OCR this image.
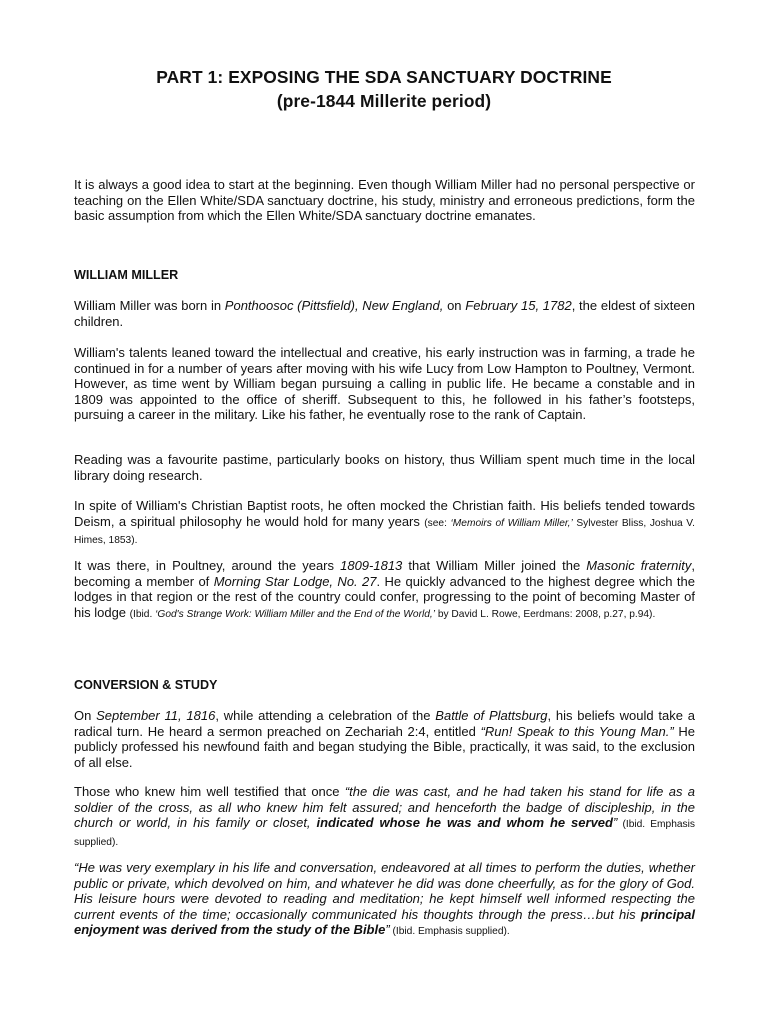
PART 1: EXPOSING THE SDA SANCTUARY DOCTRINE
(pre-1844 Millerite period)

It is always a good idea to start at the beginning. Even though William Miller had no personal perspective or teaching on the Ellen White/SDA sanctuary doctrine, his study, ministry and erroneous predictions, form the basic assumption from which the Ellen White/SDA sanctuary doctrine emanates.

WILLIAM MILLER

William Miller was born in Ponthoosoc (Pittsfield), New England, on February 15, 1782, the eldest of sixteen children.

William's talents leaned toward the intellectual and creative, his early instruction was in farming, a trade he continued in for a number of years after moving with his wife Lucy from Low Hampton to Poultney, Vermont. However, as time went by William began pursuing a calling in public life. He became a constable and in 1809 was appointed to the office of sheriff. Subsequent to this, he followed in his father’s footsteps, pursuing a career in the military. Like his father, he eventually rose to the rank of Captain.

Reading was a favourite pastime, particularly books on history, thus William spent much time in the local library doing research.

In spite of William's Christian Baptist roots, he often mocked the Christian faith. His beliefs tended towards Deism, a spiritual philosophy he would hold for many years (see: ‘Memoirs of William Miller,’ Sylvester Bliss, Joshua V. Himes, 1853).

It was there, in Poultney, around the years 1809-1813 that William Miller joined the Masonic fraternity, becoming a member of Morning Star Lodge, No. 27. He quickly advanced to the highest degree which the lodges in that region or the rest of the country could confer, progressing to the point of becoming Master of his lodge (Ibid. ‘God's Strange Work: William Miller and the End of the World,’ by David L. Rowe, Eerdmans: 2008, p.27, p.94).

CONVERSION & STUDY

On September 11, 1816, while attending a celebration of the Battle of Plattsburg, his beliefs would take a radical turn. He heard a sermon preached on Zechariah 2:4, entitled “Run! Speak to this Young Man.” He publicly professed his newfound faith and began studying the Bible, practically, it was said, to the exclusion of all else.

Those who knew him well testified that once “the die was cast, and he had taken his stand for life as a soldier of the cross, as all who knew him felt assured; and henceforth the badge of discipleship, in the church or world, in his family or closet, indicated whose he was and whom he served” (Ibid. Emphasis supplied).

“He was very exemplary in his life and conversation, endeavored at all times to perform the duties, whether public or private, which devolved on him, and whatever he did was done cheerfully, as for the glory of God. His leisure hours were devoted to reading and meditation; he kept himself well informed respecting the current events of the time; occasionally communicated his thoughts through the press…but his principal enjoyment was derived from the study of the Bible” (Ibid. Emphasis supplied).
